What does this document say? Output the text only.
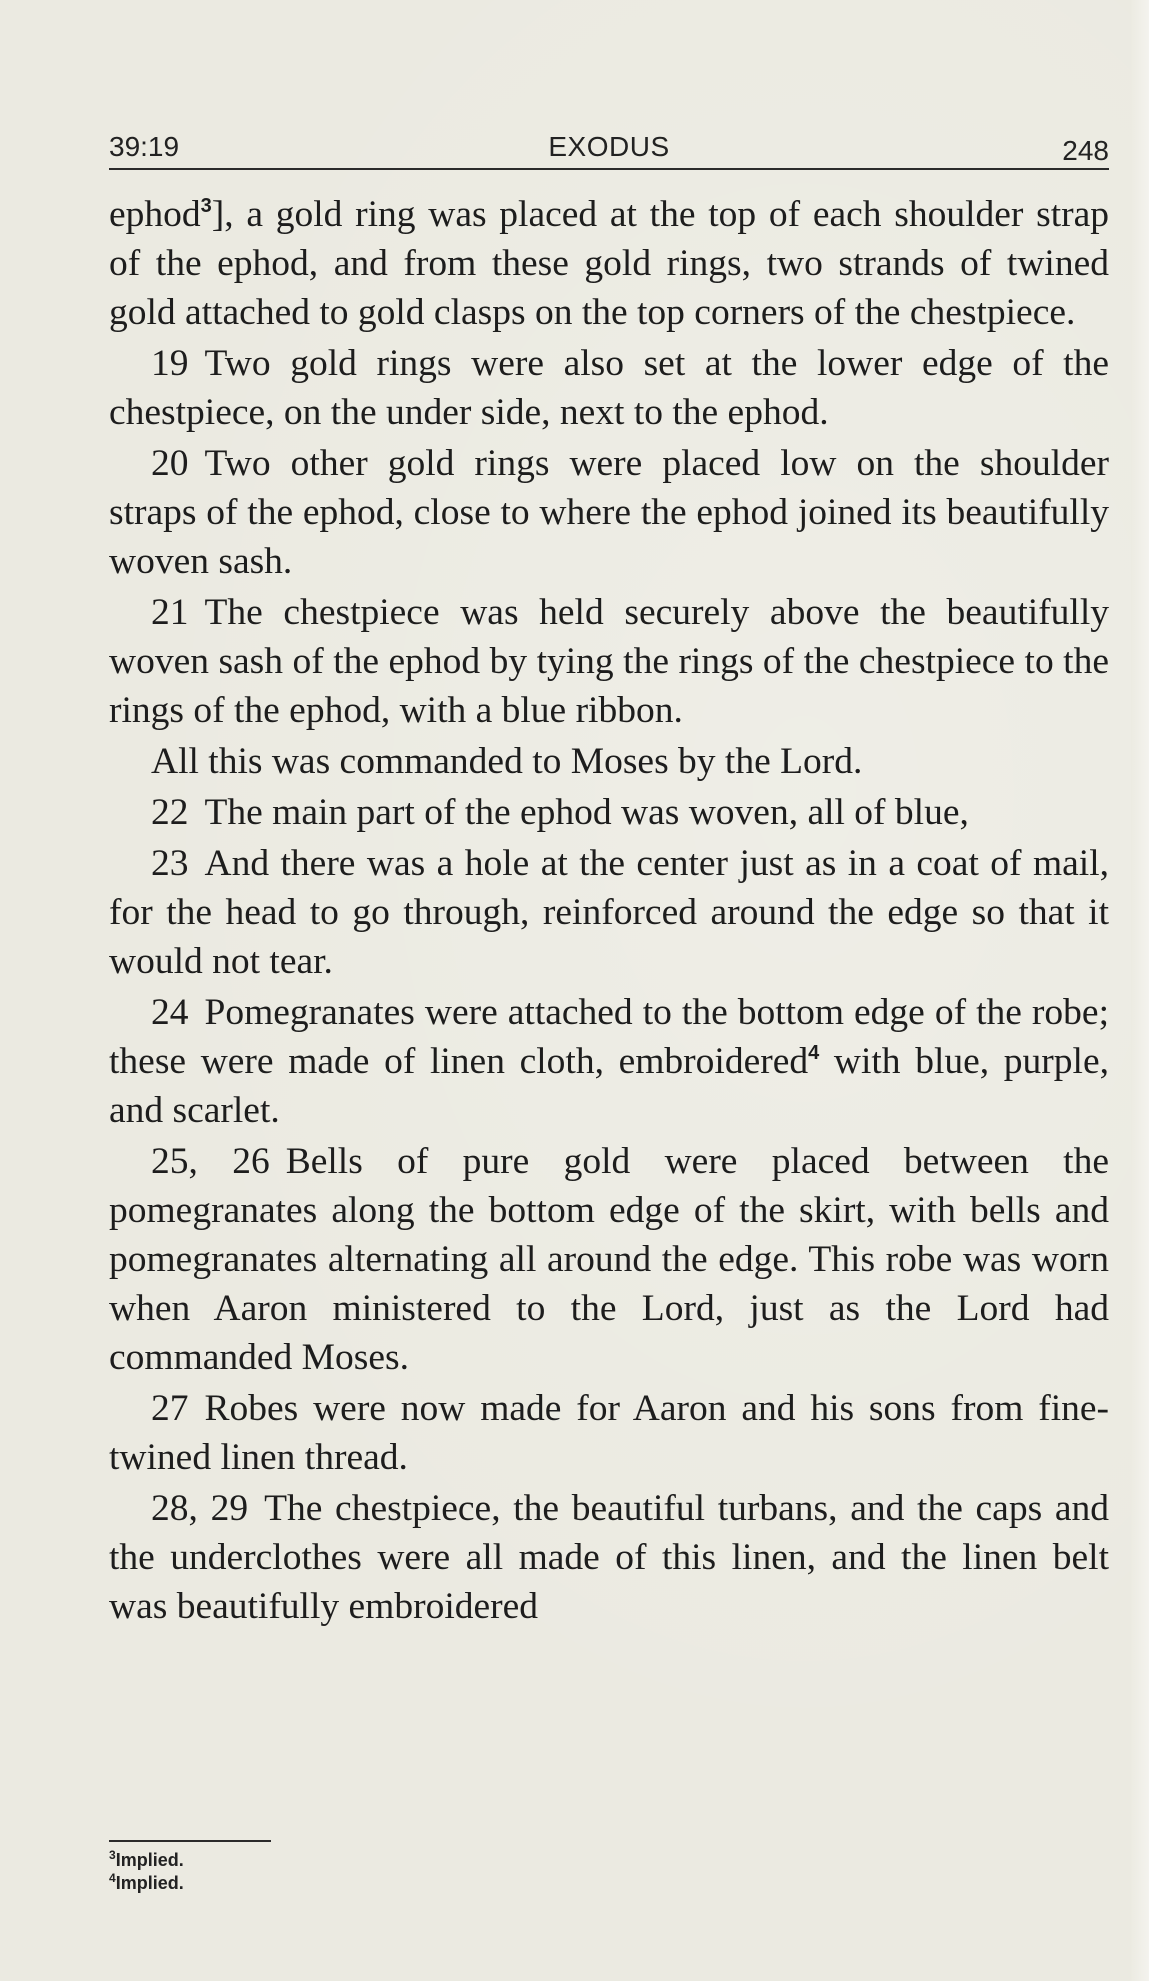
39:19	EXODUS	248

ephod$^3$], a gold ring was placed at the top of each shoulder strap of the ephod, and from these gold rings, two strands of twined gold attached to gold clasps on the top corners of the chestpiece.

19 Two gold rings were also set at the lower edge of the chestpiece, on the under side, next to the ephod.

20 Two other gold rings were placed low on the shoulder straps of the ephod, close to where the ephod joined its beautifully woven sash.

21 The chestpiece was held securely above the beautifully woven sash of the ephod by tying the rings of the chestpiece to the rings of the ephod, with a blue ribbon.

All this was commanded to Moses by the Lord.

22 The main part of the ephod was woven, all of blue,

23 And there was a hole at the center just as in a coat of mail, for the head to go through, reinforced around the edge so that it would not tear.

24 Pomegranates were attached to the bottom edge of the robe; these were made of linen cloth, embroidered$^4$ with blue, purple, and scarlet.

25, 26 Bells of pure gold were placed between the pomegranates along the bottom edge of the skirt, with bells and pomegranates alternating all around the edge. This robe was worn when Aaron ministered to the Lord, just as the Lord had commanded Moses.

27 Robes were now made for Aaron and his sons from fine-twined linen thread.

28, 29 The chestpiece, the beautiful turbans, and the caps and the underclothes were all made of this linen, and the linen belt was beautifully embroidered

$^3$Implied.
$^4$Implied.
